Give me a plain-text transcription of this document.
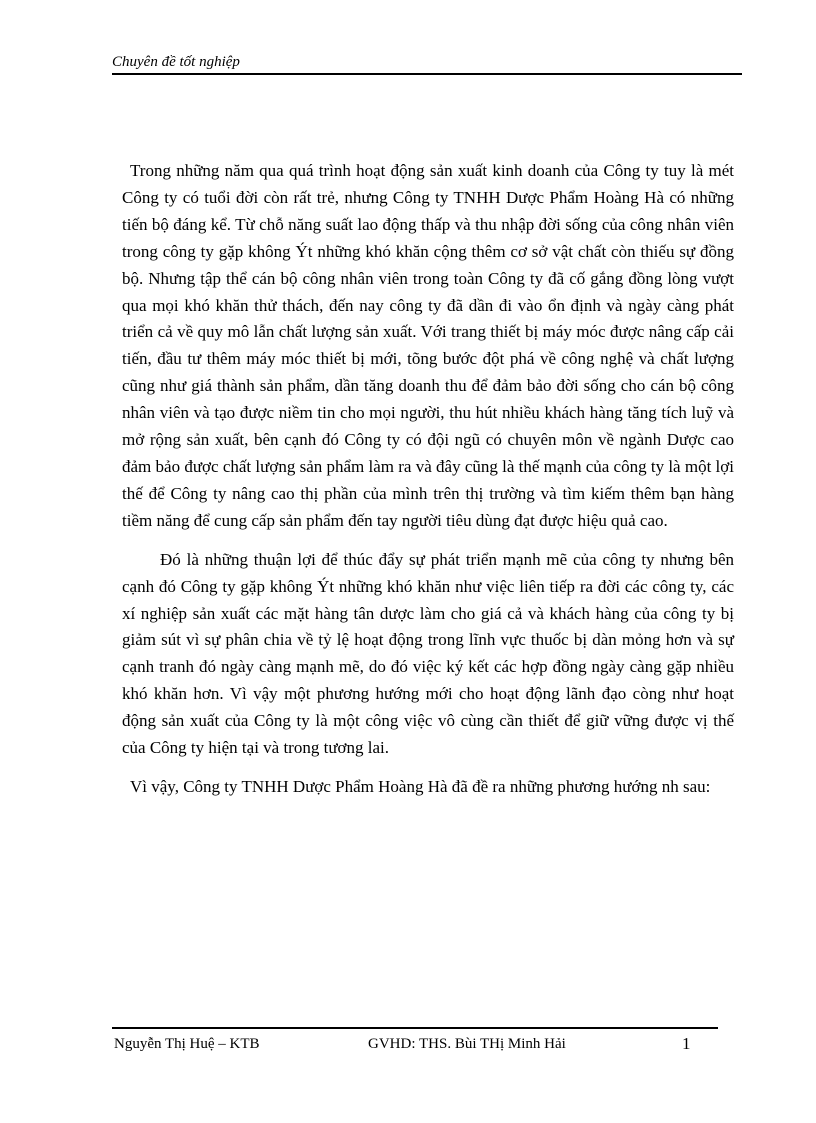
Chuyên đề tốt nghiệp

Trong những năm qua quá trình hoạt động sản xuất kinh doanh của Công ty tuy là mét Công ty có tuổi đời còn rất trẻ, nhưng Công ty TNHH Dược Phẩm Hoàng Hà có những tiến bộ đáng kể. Từ chỗ năng suất lao động thấp và thu nhập đời sống của công nhân viên trong công ty gặp không Ýt những khó khăn cộng thêm cơ sở vật chất còn thiếu sự đồng bộ. Nhưng tập thể cán bộ công nhân viên trong toàn Công ty đã cố gắng đồng lòng vượt qua mọi khó khăn thử thách, đến nay công ty đã dần đi vào ổn định và ngày càng phát triển cả về quy mô lẫn chất lượng sản xuất. Với trang thiết bị máy móc được nâng cấp cải tiến, đầu tư thêm máy móc thiết bị mới, tõng bước đột phá về công nghệ và chất lượng cũng như giá thành sản phẩm, dần tăng doanh thu để đảm bảo đời sống cho cán bộ công nhân viên và tạo được niềm tin cho mọi người, thu hút nhiều khách hàng tăng tích luỹ và mở rộng sản xuất, bên cạnh đó Công ty có đội ngũ có chuyên môn về ngành Dược cao đảm bảo được chất lượng sản phẩm làm ra và đây cũng là thế mạnh của công ty là một lợi thế để Công ty nâng cao thị phần của mình trên thị trường và tìm kiếm thêm bạn hàng tiềm năng để cung cấp sản phẩm đến tay người tiêu dùng đạt được hiệu quả cao.

Đó là những thuận lợi để thúc đẩy sự phát triển mạnh mẽ của công ty nhưng bên cạnh đó Công ty gặp không Ýt những khó khăn như việc liên tiếp ra đời các công ty, các xí nghiệp sản xuất các mặt hàng tân dược làm cho giá cả và khách hàng của công ty bị giảm sút vì sự phân chia về tỷ lệ hoạt động trong lĩnh vực thuốc bị dàn mỏng hơn và sự cạnh tranh đó ngày càng mạnh mẽ, do đó việc ký kết các hợp đồng ngày càng gặp nhiều khó khăn hơn. Vì vậy một phương hướng mới cho hoạt động lãnh đạo còng như hoạt động sản xuất của Công ty là một công việc vô cùng cần thiết để giữ vững được vị thế của Công ty hiện tại và trong tương lai.

Vì vậy, Công ty TNHH Dược Phẩm Hoàng Hà đã đề ra những phương hướng nh sau:

Nguyễn Thị Huệ – KTB	GVHD: THS. Bùi THị Minh Hải	1
